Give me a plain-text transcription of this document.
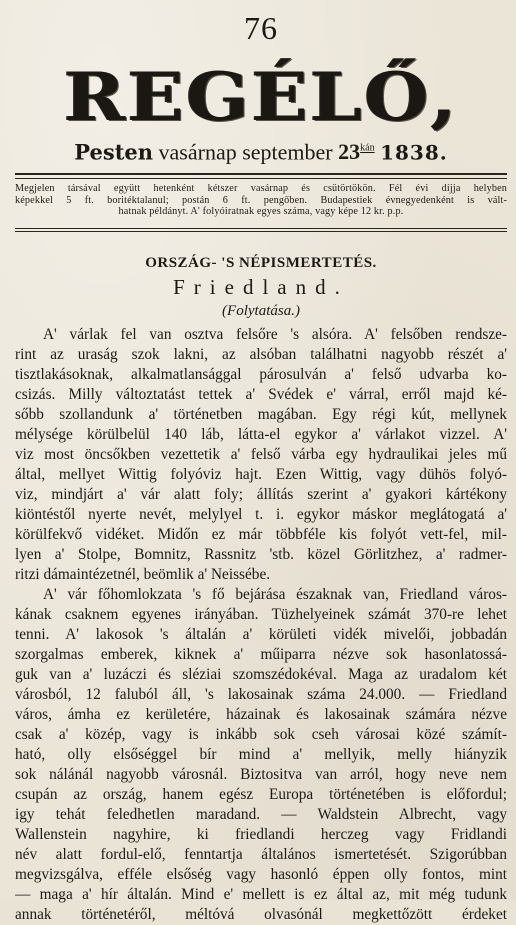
76
REGÉLŐ,
Pesten vasárnap september $23^{kán}$ 1838.
Megjelen társával együtt hetenként kétszer vasárnap és csütörtökön. Fél évi díjja helyben
képekkel 5 ft. boritéktalanul; postán 6 ft. pengőben. Budapestiek évnegyedenként is vált-
hatnak példányt. A' folyóiratnak egyes száma, vagy képe 12 kr. p.p.
ORSZÁG- 'S NÉPISMERTETÉS.
Friedland.
(Folytatása.)
A' várlak fel van osztva felsőre 's alsóra. A' felsőben rendsze-
rint az uraság szok lakni, az alsóban találhatni nagyobb részét a'
tisztlakásoknak, alkalmatlansággal párosulván a' felső udvarba ko-
csizás. Milly változtatást tettek a' Svédek e' várral, erről majd ké-
sőbb szollandunk a' történetben magában. Egy régi kút, mellynek
mélysége körülbelül 140 láb, látta-el egykor a' várlakot vizzel. A'
viz most öncsőkben vezettetik a' felső várba egy hydraulikai jeles mű
által, mellyet Wittig folyóviz hajt. Ezen Wittig, vagy dühös folyó-
viz, mindjárt a' vár alatt foly; állítás szerint a' gyakori kártékony
kiöntéstől nyerte nevét, melylyel t. i. egykor máskor meglátogatá a'
körülfekvő vidéket. Midőn ez már többféle kis folyót vett-fel, mil-
lyen a' Stolpe, Bomnitz, Rassnitz 'stb. közel Görlitzhez, a' radmer-
ritzi dámaintézetnél, beömlik a' Neissébe.
A' vár főhomlokzata 's fő bejárása északnak van, Friedland város-
kának csaknem egyenes irányában. Tüzhelyeinek számát 370-re lehet
tenni. A' lakosok 's általán a' körületi vidék mivelői, jobbadán
szorgalmas emberek, kiknek a' műiparra nézve sok hasonlatossá-
guk van a' luzáczi és sléziai szomszédokéval. Maga az uradalom két
városból, 12 faluból áll, 's lakosainak száma 24.000. — Friedland
város, ámha ez kerületére, házainak és lakosainak számára nézve
csak a' közép, vagy is inkább sok cseh városai közé számít-
ható, olly elsőséggel bír mind a' mellyik, melly hiányzik
sok nálánál nagyobb városnál. Biztositva van arról, hogy neve nem
csupán az ország, hanem egész Europa történetében is előfordul;
igy tehát feledhetlen maradand. — Waldstein Albrecht, vagy
Wallenstein nagyhire, ki friedlandi herczeg vagy Fridlandi
név alatt fordul-elő, fenntartja általános ismertetését. Szigorúbban
megvizsgálva, efféle elsőség vagy hasonló éppen olly fontos, mint
— maga a' hír általán. Mind e' mellett is ez által az, mit még tudunk
annak történetéről, méltóvá olvasónál megkettőzött érdeket
